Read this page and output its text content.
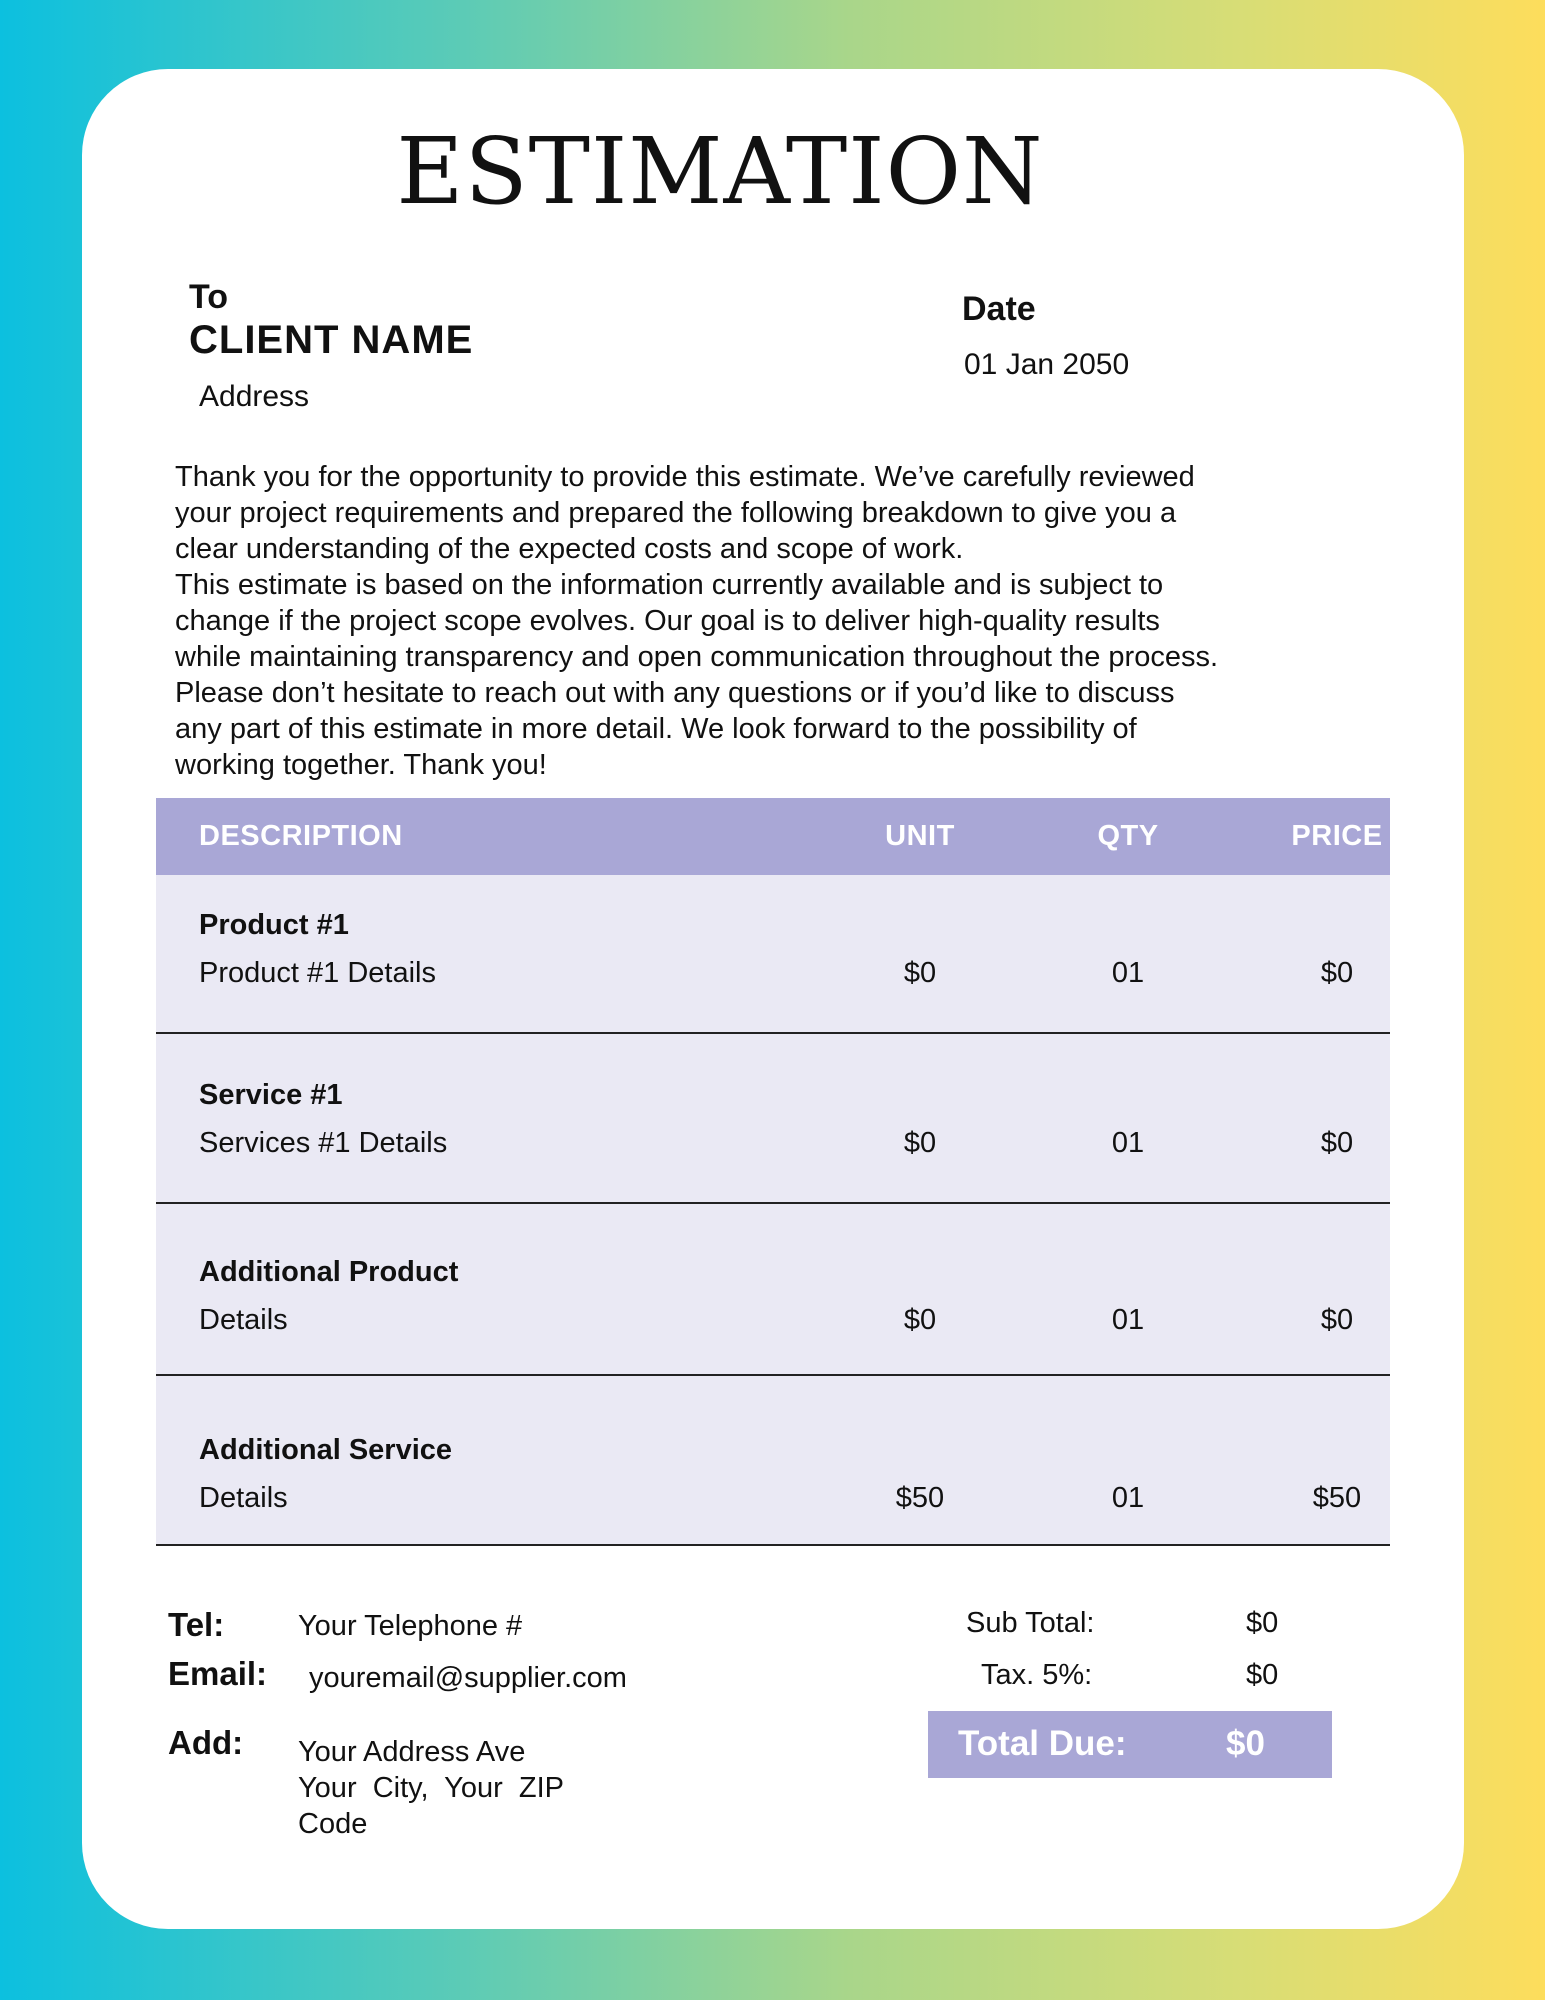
ESTIMATION
To
CLIENT NAME
Address
Date
01 Jan 2050

Thank you for the opportunity to provide this estimate. We’ve carefully reviewed

your project requirements and prepared the following breakdown to give you a

clear understanding of the expected costs and scope of work.

This estimate is based on the information currently available and is subject to

change if the project scope evolves. Our goal is to deliver high-quality results

while maintaining transparency and open communication throughout the process.

Please don’t hesitate to reach out with any questions or if you’d like to discuss

any part of this estimate in more detail. We look forward to the possibility of

working together. Thank you!

DESCRIPTION	UNIT	QTY	PRICE
Product #1
Product #1 Details	$0	01	$0
Service #1
Services #1 Details	$0	01	$0
Additional Product
Details	$0	01	$0
Additional Service
Details	$50	01	$50
Tel:	Your Telephone #
Email: youremail@supplier.com
Add: Your Address Ave
Your  City,  Your  ZIP
Code
Sub Total:	$0
Tax. 5%:	$0
Total Due:	$0
